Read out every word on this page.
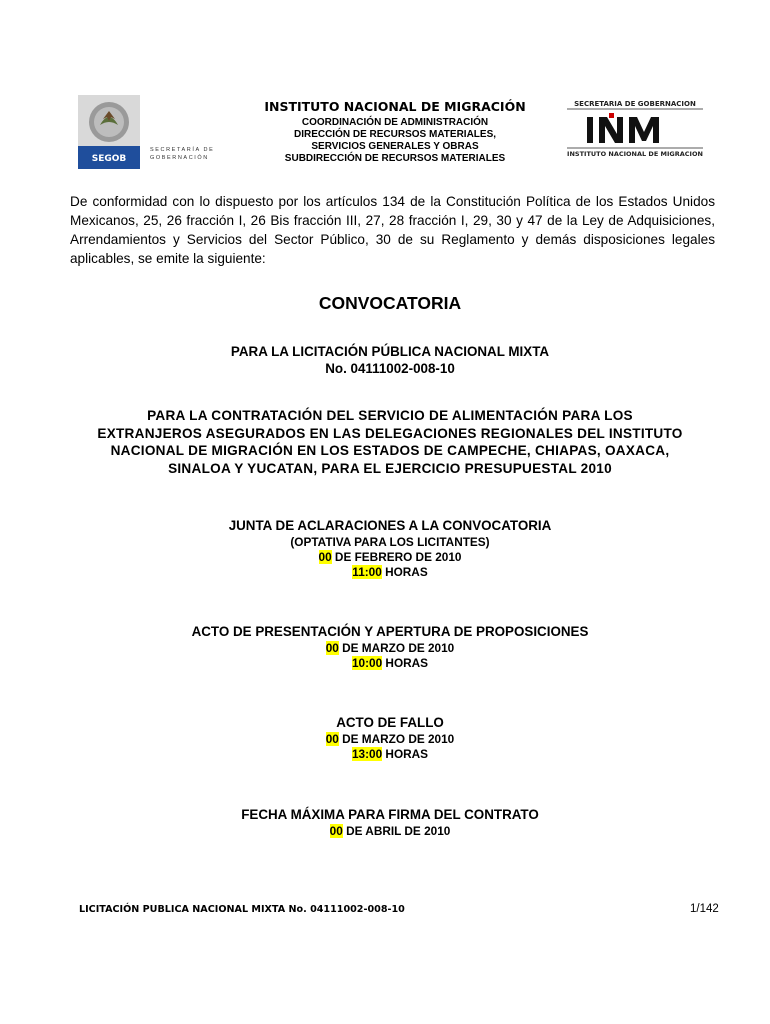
SEGOB
SECRETARÍA DE GOBERNACIÓN
INSTITUTO NACIONAL DE MIGRACIÓN
COORDINACIÓN DE ADMINISTRACIÓN
DIRECCIÓN DE RECURSOS MATERIALES,
SERVICIOS GENERALES Y OBRAS
SUBDIRECCIÓN DE RECURSOS MATERIALES
SECRETARIA DE GOBERNACION
INSTITUTO NACIONAL DE MIGRACION
De conformidad con lo dispuesto por los artículos 134 de la Constitución Política de los Estados Unidos Mexicanos, 25, 26 fracción I, 26 Bis fracción III, 27, 28 fracción I, 29, 30 y 47 de la Ley de Adquisiciones, Arrendamientos y Servicios del Sector Público, 30 de su Reglamento y demás disposiciones legales aplicables, se emite la siguiente:
CONVOCATORIA
PARA LA LICITACIÓN PÚBLICA NACIONAL MIXTA
No. 04111002-008-10
PARA LA CONTRATACIÓN DEL SERVICIO DE ALIMENTACIÓN PARA LOS
EXTRANJEROS ASEGURADOS EN LAS DELEGACIONES REGIONALES DEL INSTITUTO
NACIONAL DE MIGRACIÓN EN LOS ESTADOS DE CAMPECHE, CHIAPAS, OAXACA,
SINALOA Y YUCATAN, PARA EL EJERCICIO PRESUPUESTAL 2010
JUNTA DE ACLARACIONES A LA CONVOCATORIA
(OPTATIVA PARA LOS LICITANTES)
00 DE FEBRERO DE 2010
11:00 HORAS
ACTO DE PRESENTACIÓN Y APERTURA DE PROPOSICIONES
00 DE MARZO DE 2010
10:00 HORAS
ACTO DE FALLO
00 DE MARZO DE 2010
13:00 HORAS
FECHA MÁXIMA PARA FIRMA DEL CONTRATO
00 DE ABRIL DE 2010
LICITACIÓN PUBLICA NACIONAL MIXTA No. 04111002-008-10	1/142
